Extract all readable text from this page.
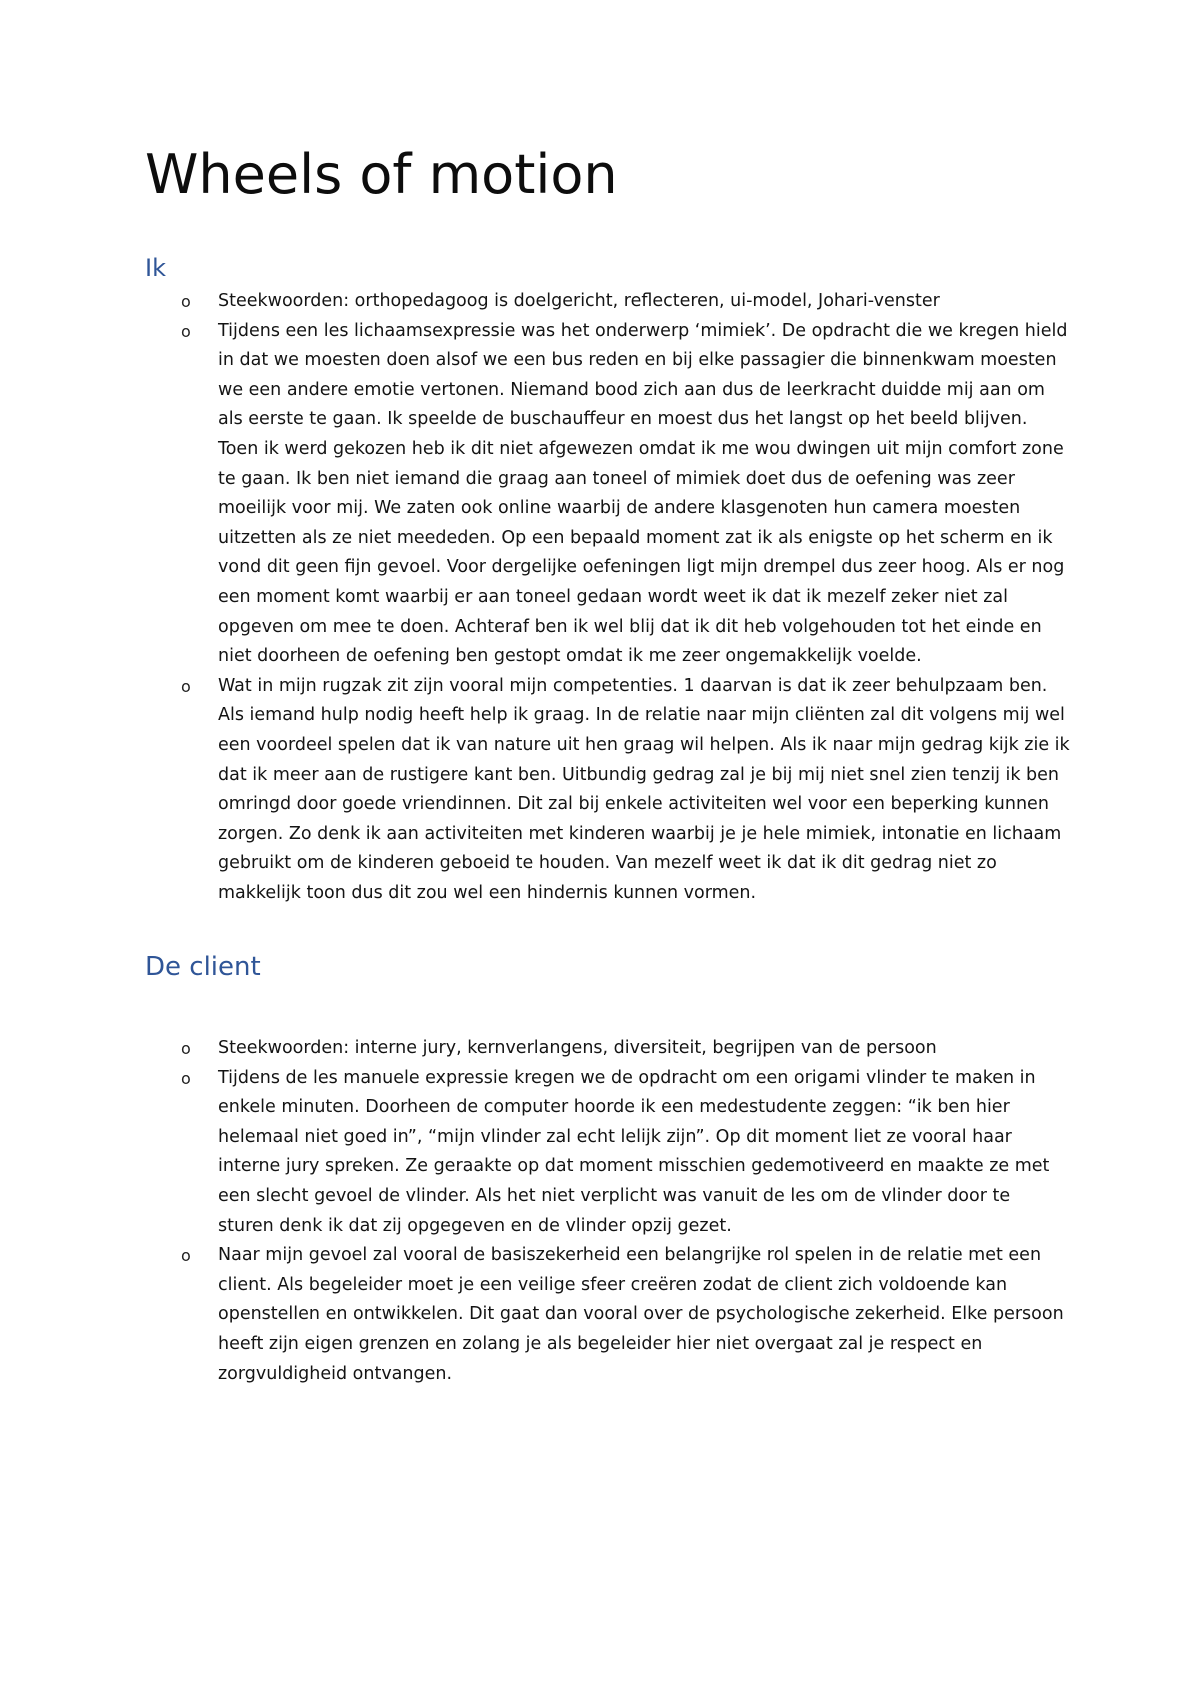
Wheels of motion
Ik
o Steekwoorden: orthopedagoog is doelgericht, reflecteren, ui-model, Johari-venster
o Tijdens een les lichaamsexpressie was het onderwerp ‘mimiek’. De opdracht die we kregen hield in dat we moesten doen alsof we een bus reden en bij elke passagier die binnenkwam moesten we een andere emotie vertonen. Niemand bood zich aan dus de leerkracht duidde mij aan om als eerste te gaan. Ik speelde de buschauffeur en moest dus het langst op het beeld blijven. Toen ik werd gekozen heb ik dit niet afgewezen omdat ik me wou dwingen uit mijn comfort zone te gaan. Ik ben niet iemand die graag aan toneel of mimiek doet dus de oefening was zeer moeilijk voor mij. We zaten ook online waarbij de andere klasgenoten hun camera moesten uitzetten als ze niet meededen. Op een bepaald moment zat ik als enigste op het scherm en ik vond dit geen fijn gevoel. Voor dergelijke oefeningen ligt mijn drempel dus zeer hoog. Als er nog een moment komt waarbij er aan toneel gedaan wordt weet ik dat ik mezelf zeker niet zal opgeven om mee te doen. Achteraf ben ik wel blij dat ik dit heb volgehouden tot het einde en niet doorheen de oefening ben gestopt omdat ik me zeer ongemakkelijk voelde.
o Wat in mijn rugzak zit zijn vooral mijn competenties. 1 daarvan is dat ik zeer behulpzaam ben. Als iemand hulp nodig heeft help ik graag. In de relatie naar mijn cliënten zal dit volgens mij wel een voordeel spelen dat ik van nature uit hen graag wil helpen. Als ik naar mijn gedrag kijk zie ik dat ik meer aan de rustigere kant ben. Uitbundig gedrag zal je bij mij niet snel zien tenzij ik ben omringd door goede vriendinnen. Dit zal bij enkele activiteiten wel voor een beperking kunnen zorgen. Zo denk ik aan activiteiten met kinderen waarbij je je hele mimiek, intonatie en lichaam gebruikt om de kinderen geboeid te houden. Van mezelf weet ik dat ik dit gedrag niet zo makkelijk toon dus dit zou wel een hindernis kunnen vormen.
De client
o Steekwoorden: interne jury, kernverlangens, diversiteit, begrijpen van de persoon
o Tijdens de les manuele expressie kregen we de opdracht om een origami vlinder te maken in enkele minuten. Doorheen de computer hoorde ik een medestudente zeggen: “ik ben hier helemaal niet goed in”, “mijn vlinder zal echt lelijk zijn”. Op dit moment liet ze vooral haar interne jury spreken. Ze geraakte op dat moment misschien gedemotiveerd en maakte ze met een slecht gevoel de vlinder. Als het niet verplicht was vanuit de les om de vlinder door te sturen denk ik dat zij opgegeven en de vlinder opzij gezet.
o Naar mijn gevoel zal vooral de basiszekerheid een belangrijke rol spelen in de relatie met een client. Als begeleider moet je een veilige sfeer creëren zodat de client zich voldoende kan openstellen en ontwikkelen. Dit gaat dan vooral over de psychologische zekerheid. Elke persoon heeft zijn eigen grenzen en zolang je als begeleider hier niet overgaat zal je respect en zorgvuldigheid ontvangen.
